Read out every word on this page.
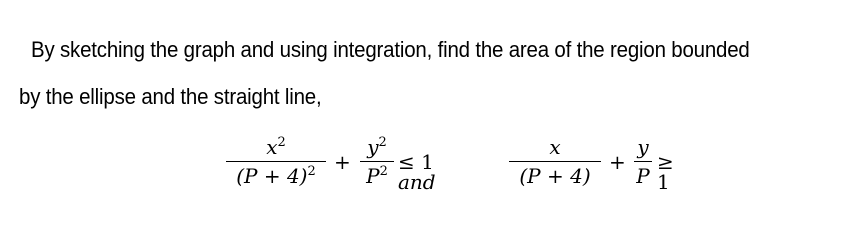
By sketching the graph and using integration, find the area of the region bounded
by the ellipse and the straight line,
$x^2$
$(P + 4)^2$ +
$y^2$
$P^2 \le 1$ and
x
(P + 4)
+
y
P
≥ 1
